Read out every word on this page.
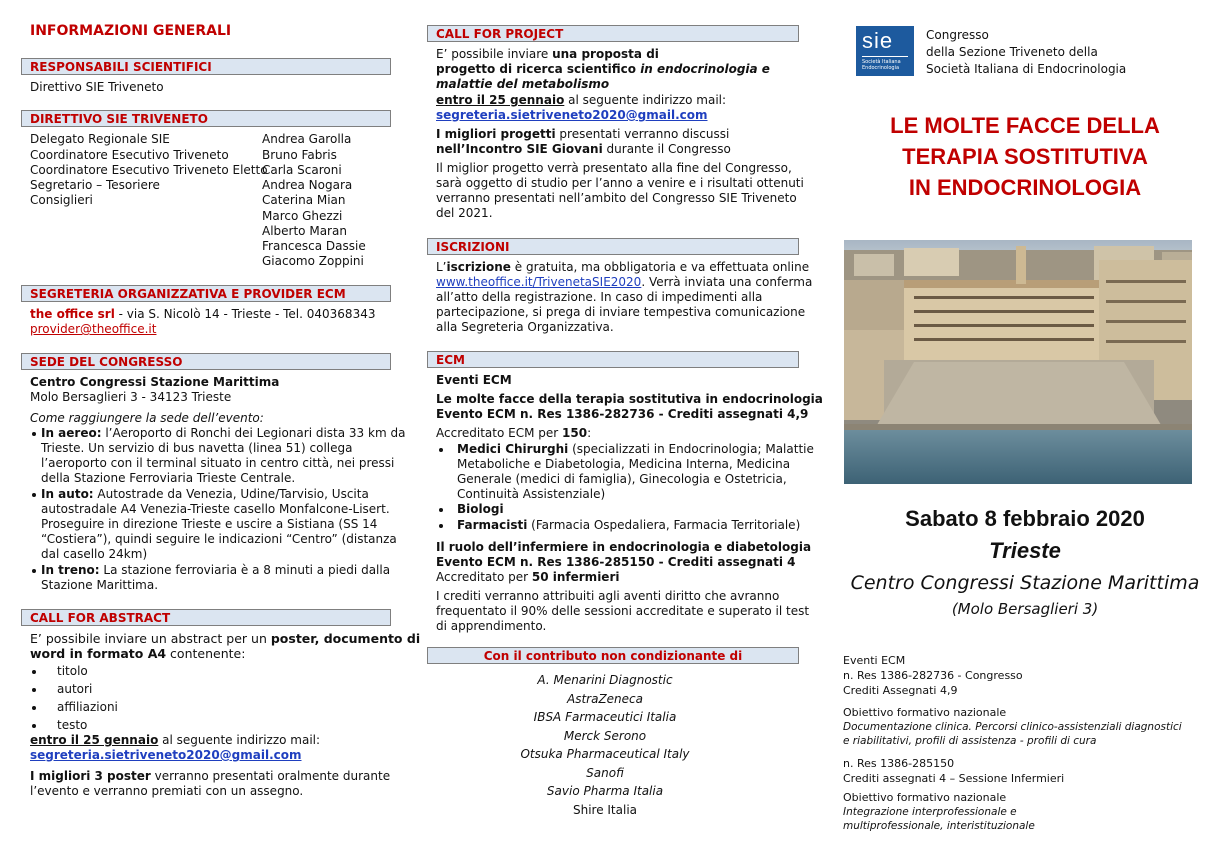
INFORMAZIONI GENERALI
RESPONSABILI SCIENTIFICI
Direttivo SIE Triveneto
DIRETTIVO SIE TRIVENETO
Delegato Regionale SIE
Coordinatore Esecutivo Triveneto
Coordinatore Esecutivo Triveneto Eletto
Segretario – Tesoriere
Consiglieri
Andrea Garolla
Bruno Fabris
Carla Scaroni
Andrea Nogara
Caterina Mian
Marco Ghezzi
Alberto Maran
Francesca Dassie
Giacomo Zoppini
SEGRETERIA ORGANIZZATIVA E PROVIDER ECM
the office srl - via S. Nicolò 14 - Trieste - Tel. 040368343
provider@theoffice.it
SEDE DEL CONGRESSO
Centro Congressi Stazione Marittima
Molo Bersaglieri 3 - 34123 Trieste
Come raggiungere la sede dell’evento:
In aereo: l’Aeroporto di Ronchi dei Legionari dista 33 km da
Trieste. Un servizio di bus navetta (linea 51) collega
l’aeroporto con il terminal situato in centro città, nei pressi
della Stazione Ferroviaria Trieste Centrale.
In auto: Autostrade da Venezia, Udine/Tarvisio, Uscita
autostradale A4 Venezia-Trieste casello Monfalcone-Lisert.
Proseguire in direzione Trieste e uscire a Sistiana (SS 14
“Costiera”), quindi seguire le indicazioni “Centro” (distanza
dal casello 24km)
In treno: La stazione ferroviaria è a 8 minuti a piedi dalla
Stazione Marittima.
CALL FOR ABSTRACT
E’ possibile inviare un abstract per un poster, documento di
word in formato A4 contenente:
titolo
autori
affiliazioni
testo
entro il 25 gennaio al seguente indirizzo mail:
segreteria.sietriveneto2020@gmail.com
I migliori 3 poster verranno presentati oralmente durante
l’evento e verranno premiati con un assegno.
CALL FOR PROJECT
E’ possibile inviare una proposta di
progetto di ricerca scientifico in endocrinologia e
malattie del metabolismo
entro il 25 gennaio al seguente indirizzo mail:
segreteria.sietriveneto2020@gmail.com
I migliori progetti presentati verranno discussi
nell’Incontro SIE Giovani durante il Congresso
Il miglior progetto verrà presentato alla fine del Congresso,
sarà oggetto di studio per l’anno a venire e i risultati ottenuti
verranno presentati nell’ambito del Congresso SIE Triveneto
del 2021.
ISCRIZIONI
L’iscrizione è gratuita, ma obbligatoria e va effettuata online
www.theoffice.it/TrivenetaSIE2020. Verrà inviata una conferma
all’atto della registrazione. In caso di impedimenti alla
partecipazione, si prega di inviare tempestiva comunicazione
alla Segreteria Organizzativa.
ECM
Eventi ECM
Le molte facce della terapia sostitutiva in endocrinologia
Evento ECM n. Res 1386-282736 - Crediti assegnati 4,9
Accreditato ECM per 150:
Medici Chirurghi (specializzati in Endocrinologia; Malattie
Metaboliche e Diabetologia, Medicina Interna, Medicina
Generale (medici di famiglia), Ginecologia e Ostetricia,
Continuità Assistenziale)
Biologi
Farmacisti (Farmacia Ospedaliera, Farmacia Territoriale)
Il ruolo dell’infermiere in endocrinologia e diabetologia
Evento ECM n. Res 1386-285150 - Crediti assegnati 4
Accreditato per 50 infermieri
I crediti verranno attribuiti agli aventi diritto che avranno
frequentato il 90% delle sessioni accreditate e superato il test
di apprendimento.
Con il contributo non condizionante di
A. Menarini Diagnostic
AstraZeneca
IBSA Farmaceutici Italia
Merck Serono
Otsuka Pharmaceutical Italy
Sanofi
Savio Pharma Italia
Shire Italia
sie
Società Italiana
Endocrinologia
Congresso
della Sezione Triveneto della
Società Italiana di Endocrinologia
LE MOLTE FACCE DELLA
TERAPIA SOSTITUTIVA
IN ENDOCRINOLOGIA
Sabato 8 febbraio 2020
Trieste
Centro Congressi Stazione Marittima
(Molo Bersaglieri 3)
Eventi ECM
n. Res 1386-282736 - Congresso
Crediti Assegnati 4,9
Obiettivo formativo nazionale
Documentazione clinica. Percorsi clinico-assistenziali diagnostici
e riabilitativi, profili di assistenza - profili di cura
n. Res 1386-285150
Crediti assegnati 4 – Sessione Infermieri
Obiettivo formativo nazionale
Integrazione interprofessionale e
multiprofessionale, interistituzionale
